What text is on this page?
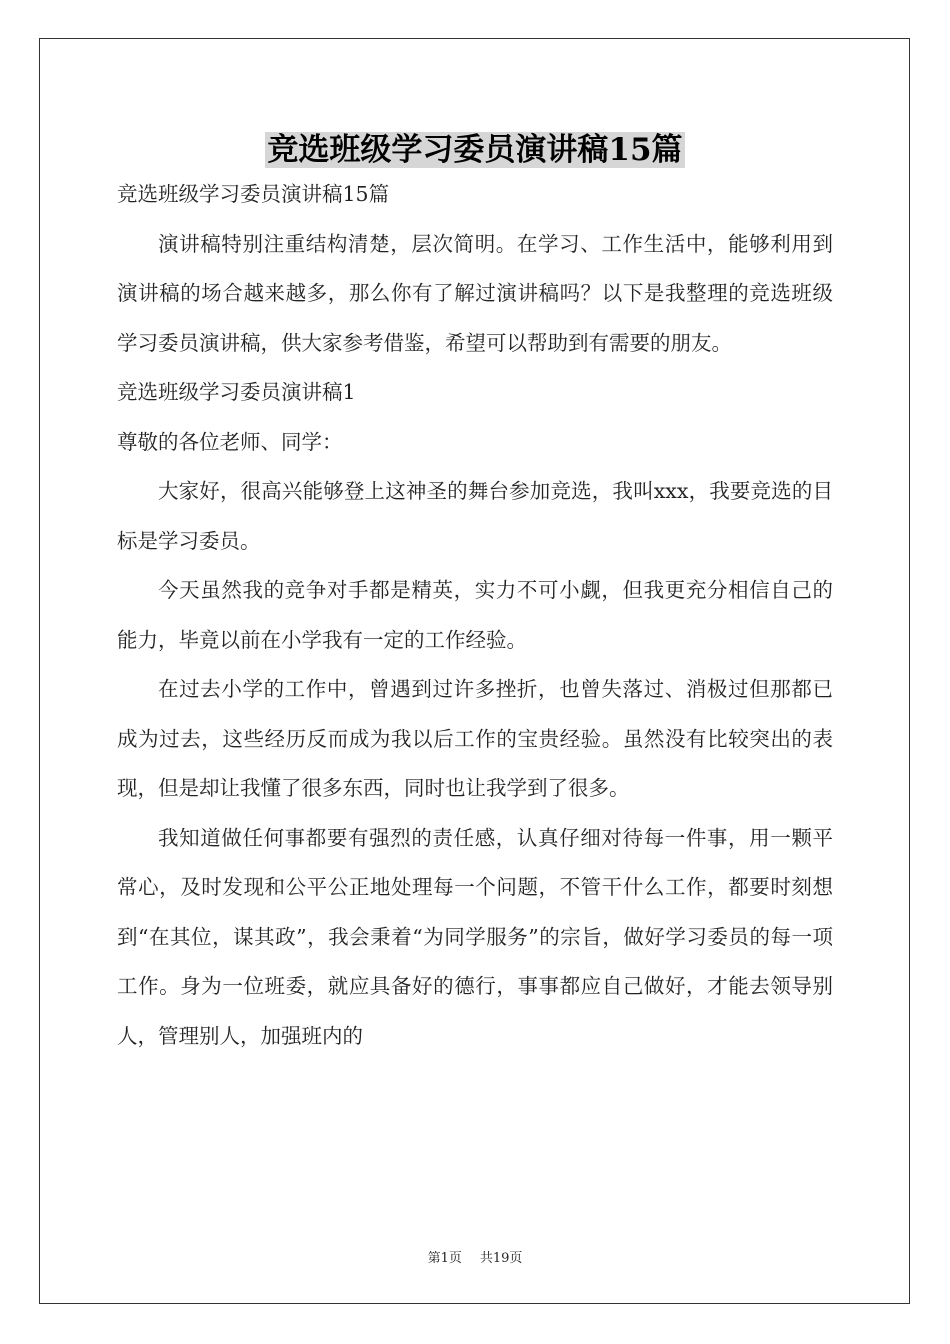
竞选班级学习委员演讲稿15篇

竞选班级学习委员演讲稿15篇

演讲稿特别注重结构清楚，层次简明。在学习、工作生活中，能够利用到演讲稿的场合越来越多，那么你有了解过演讲稿吗？以下是我整理的竞选班级学习委员演讲稿，供大家参考借鉴，希望可以帮助到有需要的朋友。

竞选班级学习委员演讲稿1

尊敬的各位老师、同学：

大家好，很高兴能够登上这神圣的舞台参加竞选，我叫xxx，我要竞选的目标是学习委员。

今天虽然我的竞争对手都是精英，实力不可小觑，但我更充分相信自己的能力，毕竟以前在小学我有一定的工作经验。

在过去小学的工作中，曾遇到过许多挫折，也曾失落过、消极过但那都已成为过去，这些经历反而成为我以后工作的宝贵经验。虽然没有比较突出的表现，但是却让我懂了很多东西，同时也让我学到了很多。

我知道做任何事都要有强烈的责任感，认真仔细对待每一件事，用一颗平常心，及时发现和公平公正地处理每一个问题，不管干什么工作，都要时刻想到“在其位，谋其政”，我会秉着“为同学服务”的宗旨，做好学习委员的每一项工作。身为一位班委，就应具备好的德行，事事都应自己做好，才能去领导别人，管理别人，加强班内的

第1页 共19页
